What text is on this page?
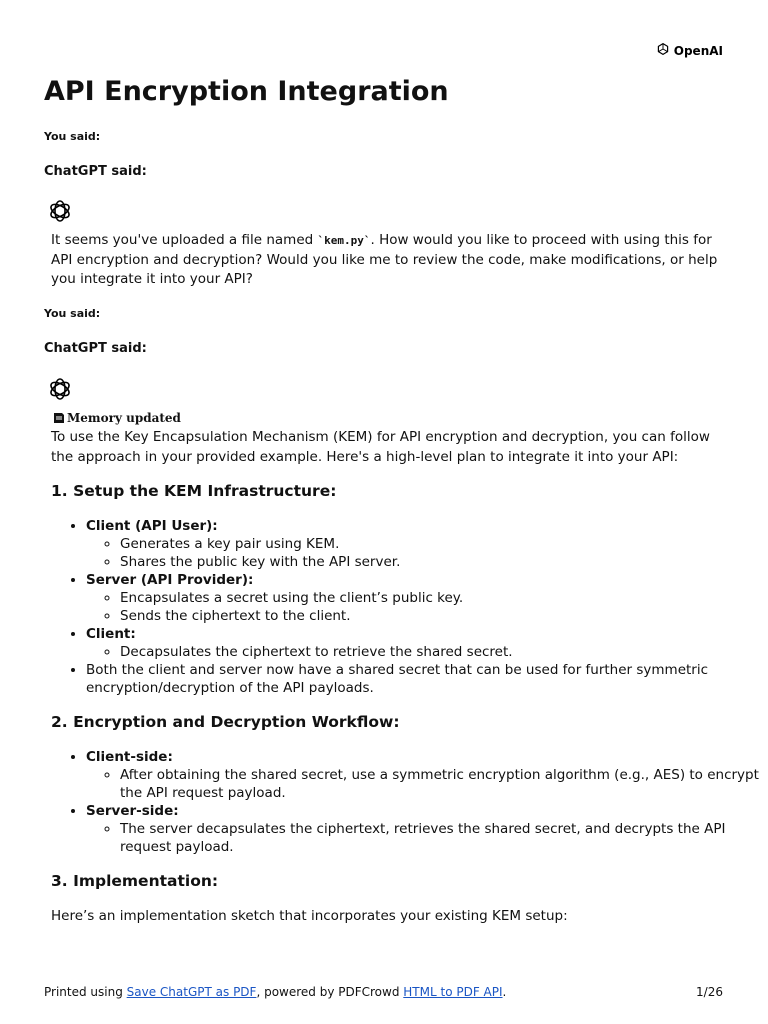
OpenAI
API Encryption Integration
You said:
ChatGPT said:
It seems you've uploaded a file named `kem.py`. How would you like to proceed with using this for API encryption and decryption? Would you like me to review the code, make modifications, or help you integrate it into your API?
You said:
ChatGPT said:
Memory updated
To use the Key Encapsulation Mechanism (KEM) for API encryption and decryption, you can follow the approach in your provided example. Here's a high-level plan to integrate it into your API:
1. Setup the KEM Infrastructure:
• Client (API User):
◦ Generates a key pair using KEM.
◦ Shares the public key with the API server.
• Server (API Provider):
◦ Encapsulates a secret using the client’s public key.
◦ Sends the ciphertext to the client.
• Client:
◦ Decapsulates the ciphertext to retrieve the shared secret.
• Both the client and server now have a shared secret that can be used for further symmetric encryption/decryption of the API payloads.
2. Encryption and Decryption Workflow:
• Client-side:
◦ After obtaining the shared secret, use a symmetric encryption algorithm (e.g., AES) to encrypt the API request payload.
• Server-side:
◦ The server decapsulates the ciphertext, retrieves the shared secret, and decrypts the API request payload.
3. Implementation:
Here’s an implementation sketch that incorporates your existing KEM setup:
Printed using Save ChatGPT as PDF, powered by PDFCrowd HTML to PDF API.	1/26
